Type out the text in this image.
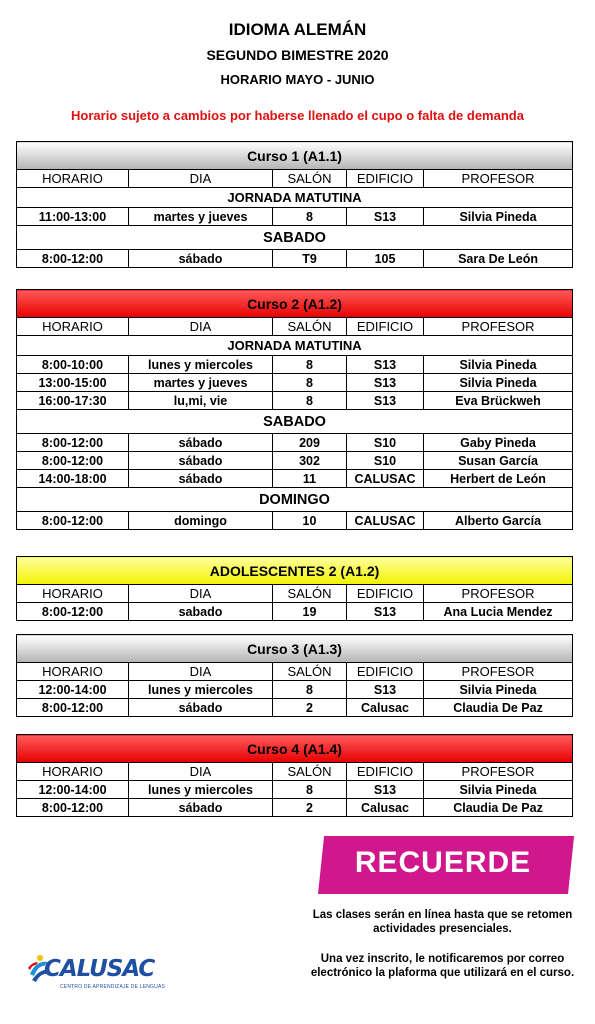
IDIOMA ALEMÁN
SEGUNDO BIMESTRE 2020
HORARIO MAYO - JUNIO
Horario sujeto a cambios por haberse llenado el cupo o falta de demanda
Curso 1 (A1.1)				
HORARIO	DIA	SALÓN	EDIFICIO	PROFESOR
JORNADA MATUTINA				
11:00-13:00	martes y jueves	8	S13	Silvia Pineda
SABADO				
8:00-12:00	sábado	T9	105	Sara De León
Curso 2 (A1.2)				
HORARIO	DIA	SALÓN	EDIFICIO	PROFESOR
JORNADA MATUTINA				
8:00-10:00	lunes y miercoles	8	S13	Silvia Pineda
13:00-15:00	martes y jueves	8	S13	Silvia Pineda
16:00-17:30	lu,mi, vie	8	S13	Eva Brückweh
SABADO				
8:00-12:00	sábado	209	S10	Gaby Pineda
8:00-12:00	sábado	302	S10	Susan García
14:00-18:00	sábado	11	CALUSAC	Herbert de León
DOMINGO				
8:00-12:00	domingo	10	CALUSAC	Alberto García
ADOLESCENTES 2 (A1.2)				
HORARIO	DIA	SALÓN	EDIFICIO	PROFESOR
8:00-12:00	sabado	19	S13	Ana Lucia Mendez
Curso 3 (A1.3)				
HORARIO	DIA	SALÓN	EDIFICIO	PROFESOR
12:00-14:00	lunes y miercoles	8	S13	Silvia Pineda
8:00-12:00	sábado	2	Calusac	Claudia De Paz
Curso 4 (A1.4)				
HORARIO	DIA	SALÓN	EDIFICIO	PROFESOR
12:00-14:00	lunes y miercoles	8	S13	Silvia Pineda
8:00-12:00	sábado	2	Calusac	Claudia De Paz
RECUERDE
Las clases serán en línea hasta que se retomen actividades presenciales.
Una vez inscrito, le notificaremos por correo electrónico la plaforma que utilizará en el curso.
CALUSAC
CENTRO DE APRENDIZAJE DE LENGUAS
